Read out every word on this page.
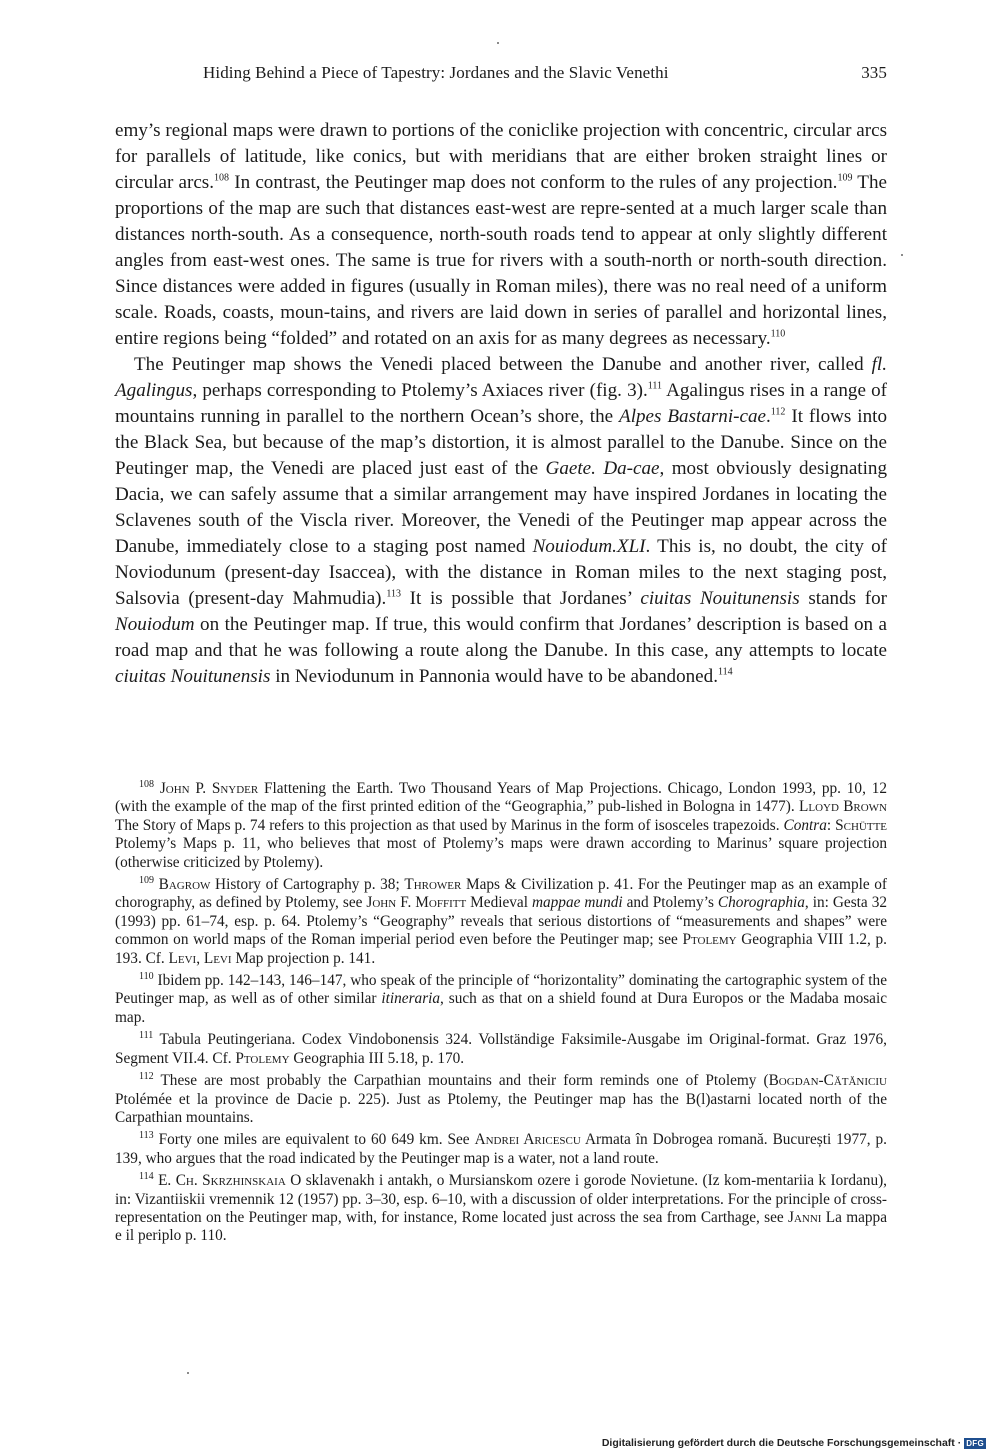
Hiding Behind a Piece of Tapestry: Jordanes and the Slavic Venethi	335

emy’s regional maps were drawn to portions of the coniclike projection with concentric, circular arcs for parallels of latitude, like conics, but with meridians that are either broken straight lines or circular arcs.$^{108}$ In contrast, the Peutinger map does not conform to the rules of any projection.$^{109}$ The proportions of the map are such that distances east-west are repre-sented at a much larger scale than distances north-south. As a consequence, north-south roads tend to appear at only slightly different angles from east-west ones. The same is true for rivers with a south-north or north-south direction. Since distances were added in figures (usually in Roman miles), there was no real need of a uniform scale. Roads, coasts, moun-tains, and rivers are laid down in series of parallel and horizontal lines, entire regions being “folded” and rotated on an axis for as many degrees as necessary.$^{110}$

The Peutinger map shows the Venedi placed between the Danube and another river, called fl. Agalingus, perhaps corresponding to Ptolemy’s Axiaces river (fig. 3).$^{111}$ Agalingus rises in a range of mountains running in parallel to the northern Ocean’s shore, the Alpes Bastarni-cae.$^{112}$ It flows into the Black Sea, but because of the map’s distortion, it is almost parallel to the Danube. Since on the Peutinger map, the Venedi are placed just east of the Gaete. Da-cae, most obviously designating Dacia, we can safely assume that a similar arrangement may have inspired Jordanes in locating the Sclavenes south of the Viscla river. Moreover, the Venedi of the Peutinger map appear across the Danube, immediately close to a staging post named Nouiodum.XLI. This is, no doubt, the city of Noviodunum (present-day Isaccea), with the distance in Roman miles to the next staging post, Salsovia (present-day Mahmudia).$^{113}$ It is possible that Jordanes’ ciuitas Nouitunensis stands for Nouiodum on the Peutinger map. If true, this would confirm that Jordanes’ description is based on a road map and that he was following a route along the Danube. In this case, any attempts to locate ciuitas Nouitunensis in Neviodunum in Pannonia would have to be abandoned.$^{114}$

$^{108}$ John P. Snyder Flattening the Earth. Two Thousand Years of Map Projections. Chicago, London 1993, pp. 10, 12 (with the example of the map of the first printed edition of the “Geographia,” pub-lished in Bologna in 1477). Lloyd Brown The Story of Maps p. 74 refers to this projection as that used by Marinus in the form of isosceles trapezoids. Contra: Schütte Ptolemy’s Maps p. 11, who believes that most of Ptolemy’s maps were drawn according to Marinus’ square projection (otherwise criticized by Ptolemy).

$^{109}$ Bagrow History of Cartography p. 38; Thrower Maps & Civilization p. 41. For the Peutinger map as an example of chorography, as defined by Ptolemy, see John F. Moffitt Medieval mappae mundi and Ptolemy’s Chorographia, in: Gesta 32 (1993) pp. 61–74, esp. p. 64. Ptolemy’s “Geography” reveals that serious distortions of “measurements and shapes” were common on world maps of the Roman imperial period even before the Peutinger map; see Ptolemy Geographia VIII 1.2, p. 193. Cf. Levi, Levi Map projection p. 141.

$^{110}$ Ibidem pp. 142–143, 146–147, who speak of the principle of “horizontality” dominating the cartographic system of the Peutinger map, as well as of other similar itineraria, such as that on a shield found at Dura Europos or the Madaba mosaic map.

$^{111}$ Tabula Peutingeriana. Codex Vindobonensis 324. Vollständige Faksimile-Ausgabe im Original-format. Graz 1976, Segment VII.4. Cf. Ptolemy Geographia III 5.18, p. 170.

$^{112}$ These are most probably the Carpathian mountains and their form reminds one of Ptolemy (Bogdan-Cătăniciu Ptolémée et la province de Dacie p. 225). Just as Ptolemy, the Peutinger map has the B(l)astarni located north of the Carpathian mountains.

$^{113}$ Forty one miles are equivalent to 60 649 km. See Andrei Aricescu Armata în Dobrogea romană. București 1977, p. 139, who argues that the road indicated by the Peutinger map is a water, not a land route.

$^{114}$ E. Ch. Skrzhinskaia O sklavenakh i antakh, o Mursianskom ozere i gorode Novietune. (Iz kom-mentariia k Iordanu), in: Vizantiiskii vremennik 12 (1957) pp. 3–30, esp. 6–10, with a discussion of older interpretations. For the principle of cross-representation on the Peutinger map, with, for instance, Rome located just across the sea from Carthage, see Janni La mappa e il periplo p. 110.

Digitalisierung gefördert durch die Deutsche Forschungsgemeinschaft · DFG
